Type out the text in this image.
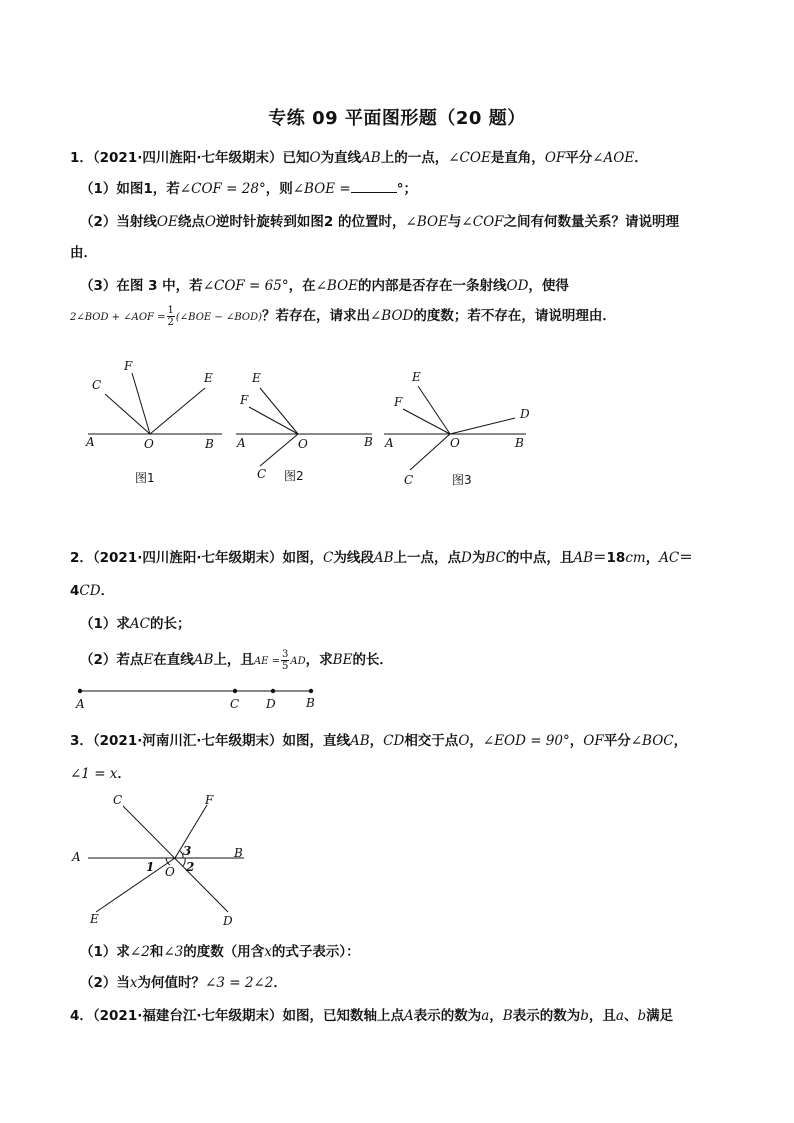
专练 09 平面图形题（20 题）
1．（2021·四川旌阳·七年级期末）已知O为直线AB上的一点，∠COE是直角，OF平分∠AOE．
（1）如图1，若∠COF = 28°，则∠BOE =	°；
（2）当射线OE绕点O逆时针旋转到如图2 的位置时，∠BOE与∠COF之间有何数量关系？请说明理
由．
（3）在图 3 中，若∠COF = 65°，在∠BOE的内部是否存在一条射线OD，使得
2∠BOD + ∠AOF = $\frac{1}{2}$ (∠BOE − ∠BOD)？若存在，请求出∠BOD的度数；若不存在，请说明理由．
C
F
E
A	O	B
图1
E
F
A	O	B
C 图2
E
F
D
A	O	B
C	图3
A	C D	B
C	F
A	B
3
1 O 2
E	D
2．（2021·四川旌阳·七年级期末）如图，C为线段AB上一点，点D为BC的中点，且AB＝18cm，AC＝
4CD．
（1）求AC的长；
（2）若点E在直线AB上，且AE = $\frac{3}{5}$ AD，求BE的长．
3．（2021·河南川汇·七年级期末）如图，直线AB，CD相交于点O，∠EOD = 90°，OF平分∠BOC，
∠1 = x．
（1）求∠2和∠3的度数（用含x的式子表示）：
（2）当x为何值时？∠3 = 2∠2．
4．（2021·福建台江·七年级期末）如图，已知数轴上点A表示的数为a，B表示的数为b，且a、b满足
